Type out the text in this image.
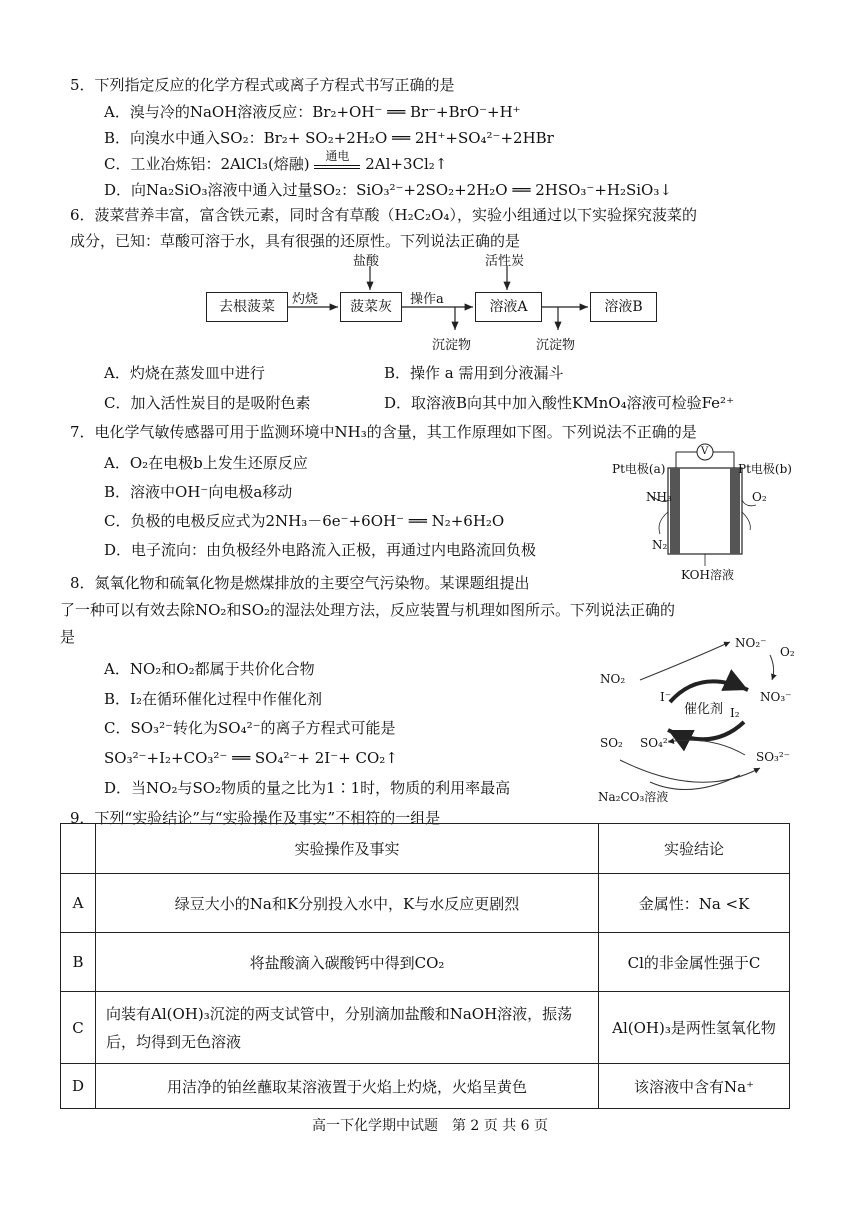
5．下列指定反应的化学方程式或离子方程式书写正确的是
A．溴与冷的NaOH溶液反应：Br₂+OH⁻ ══ Br⁻+BrO⁻+H⁺
B．向溴水中通入SO₂：Br₂+ SO₂+2H₂O ══ 2H⁺+SO₄²⁻+2HBr
C．工业冶炼铝：2AlCl₃(熔融)	通电	2Al+3Cl₂↑
D．向Na₂SiO₃溶液中通入过量SO₂：SiO₃²⁻+2SO₂+2H₂O ══ 2HSO₃⁻+H₂SiO₃↓
6．菠菜营养丰富，富含铁元素，同时含有草酸（H₂C₂O₄），实验小组通过以下实验探究菠菜的
成分，已知：草酸可溶于水，具有很强的还原性。下列说法正确的是
去根菠菜	菠菜灰	溶液A	溶液B
灼烧	操作a
盐酸	活性炭
沉淀物	沉淀物
A．灼烧在蒸发皿中进行	B．操作 a 需用到分液漏斗
C．加入活性炭目的是吸附色素	D．取溶液B向其中加入酸性KMnO₄溶液可检验Fe²⁺
7．电化学气敏传感器可用于监测环境中NH₃的含量，其工作原理如下图。下列说法不正确的是
A．O₂在电极b上发生还原反应
B．溶液中OH⁻向电极a移动
C．负极的电极反应式为2NH₃－6e⁻+6OH⁻ ══ N₂+6H₂O
D．电子流向：由负极经外电路流入正极，再通过内电路流回负极
V
Pt电极(a)	Pt电极(b)
NH₃
N₂
O₂
KOH溶液
8．氮氧化物和硫氧化物是燃煤排放的主要空气污染物。某课题组提出
了一种可以有效去除NO₂和SO₂的湿法处理方法，反应装置与机理如图所示。下列说法正确的
是
A．NO₂和O₂都属于共价化合物
B．I₂在循环催化过程中作催化剂
C．SO₃²⁻转化为SO₄²⁻的离子方程式可能是
SO₃²⁻+I₂+CO₃²⁻ ══ SO₄²⁻+ 2I⁻+ CO₂↑
D．当NO₂与SO₂物质的量之比为1∶1时，物质的利用率最高
NO₂⁻
O₂
NO₂
NO₃⁻
I⁻
催化剂 I₂
SO₂ SO₄²⁻
SO₃²⁻
Na₂CO₃溶液
9．下列“实验结论”与“实验操作及事实”不相符的一组是
	实验操作及事实	实验结论
A	绿豆大小的Na和K分别投入水中，K与水反应更剧烈	金属性：Na <K
B	将盐酸滴入碳酸钙中得到CO₂	Cl的非金属性强于C
C	向装有Al(OH)₃沉淀的两支试管中，分别滴加盐酸和NaOH溶液，振荡后，均得到无色溶液	Al(OH)₃是两性氢氧化物
D	用洁净的铂丝蘸取某溶液置于火焰上灼烧，火焰呈黄色	该溶液中含有Na⁺
高一下化学期中试题　第 2 页 共 6 页
